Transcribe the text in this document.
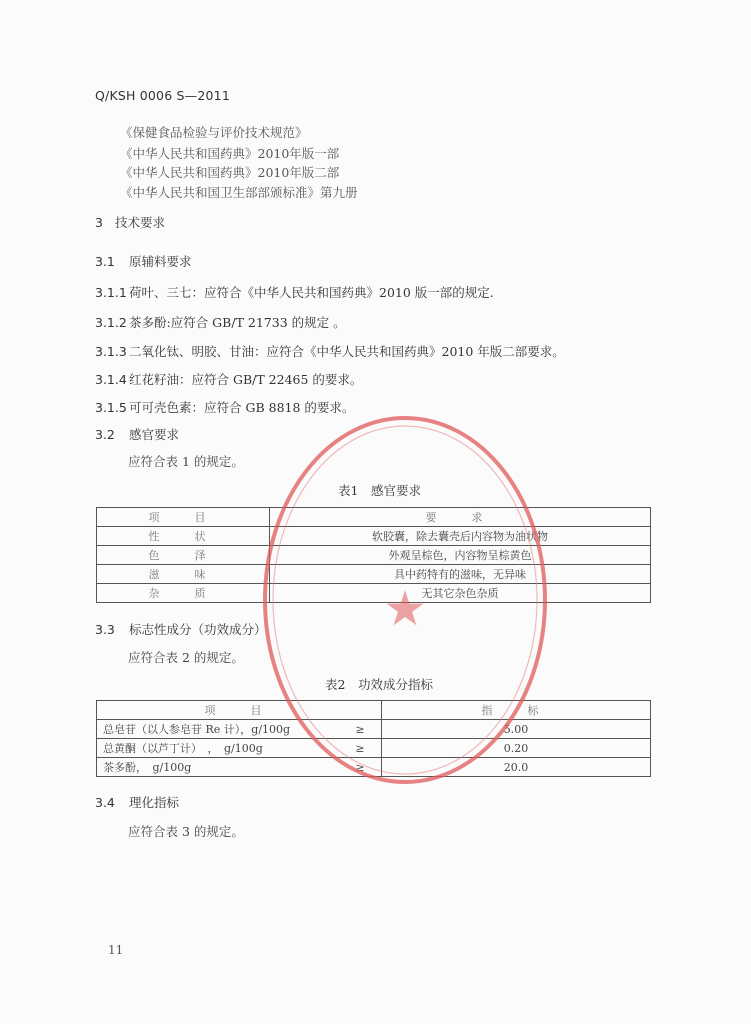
Q/KSH 0006 S—2011
《保健食品检验与评价技术规范》
《中华人民共和国药典》2010年版一部
《中华人民共和国药典》2010年版二部
《中华人民共和国卫生部部颁标准》第九册
3 技术要求
3.1 原辅料要求
3.1.1 荷叶、三七：应符合《中华人民共和国药典》2010 版一部的规定.
3.1.2 茶多酚:应符合 GB/T 21733 的规定 。
3.1.3 二氧化钛、明胶、甘油：应符合《中华人民共和国药典》2010 年版二部要求。
3.1.4 红花籽油：应符合 GB/T 22465 的要求。
3.1.5 可可壳色素：应符合 GB 8818 的要求。
3.2 感官要求
应符合表 1 的规定。
表1　感官要求
项　目	要　求
性　状	软胶囊，除去囊壳后内容物为油状物
色　泽	外观呈棕色，内容物呈棕黄色
滋　味	具中药特有的滋味，无异味
杂　质	无其它杂色杂质
3.3 标志性成分（功效成分）
应符合表 2 的规定。
表2　功效成分指标
项　目		指　标
总皂苷（以人参皂苷 Re 计），g/100g	≥	5.00
总黄酮（以芦丁计）　，　g/100g	≥	0.20
茶多酚，　g/100g	≥	20.0
3.4 理化指标
应符合表 3 的规定。
11
★
